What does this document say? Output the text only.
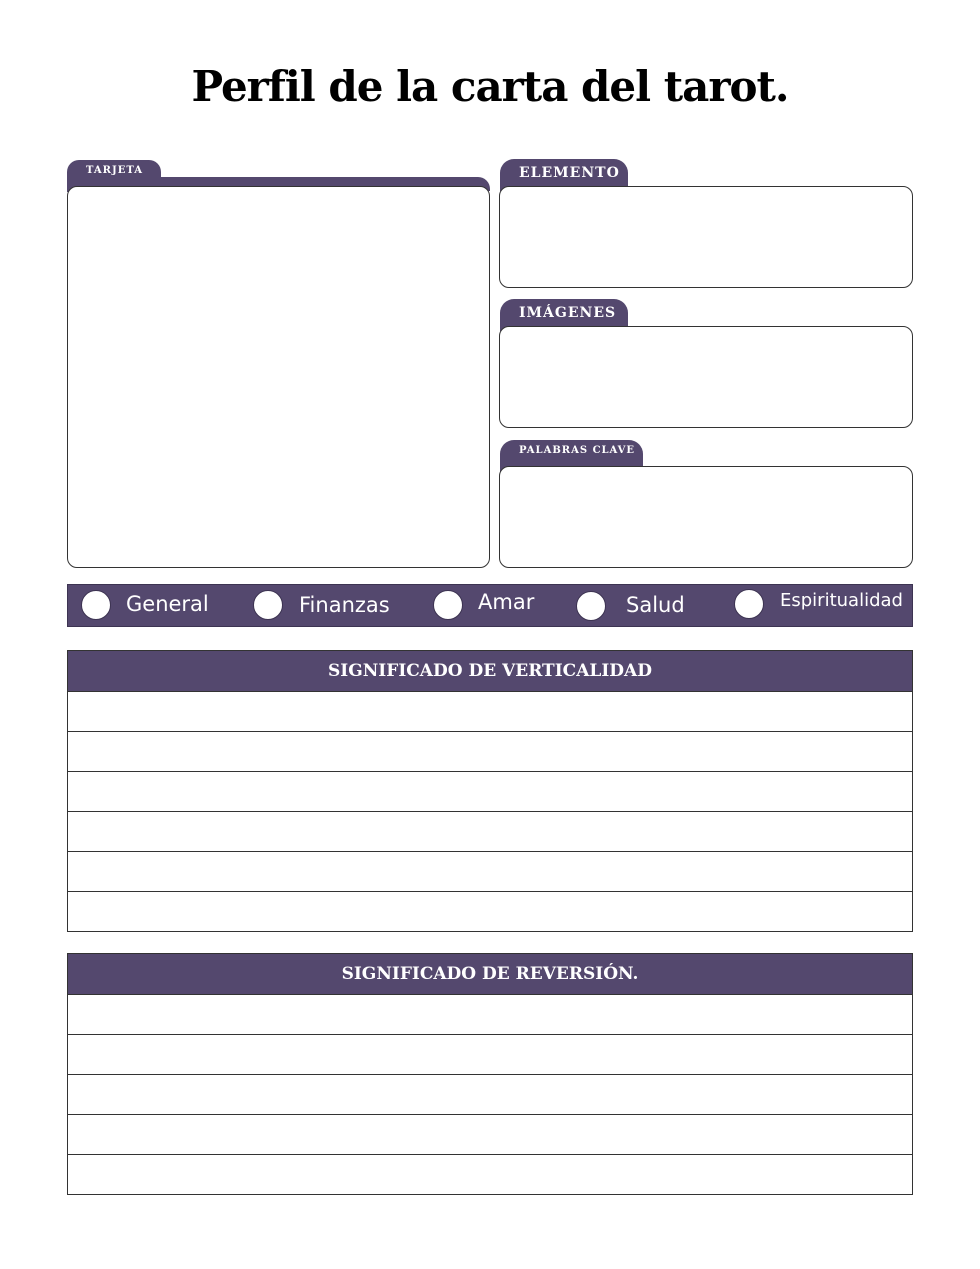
Perfil de la carta del tarot.
TARJETA	ELEMENTO
IMÁGENES
PALABRAS CLAVE
General	Finanzas	Amar	Salud	Espiritualidad
SIGNIFICADO DE VERTICALIDAD
SIGNIFICADO DE REVERSIÓN.
